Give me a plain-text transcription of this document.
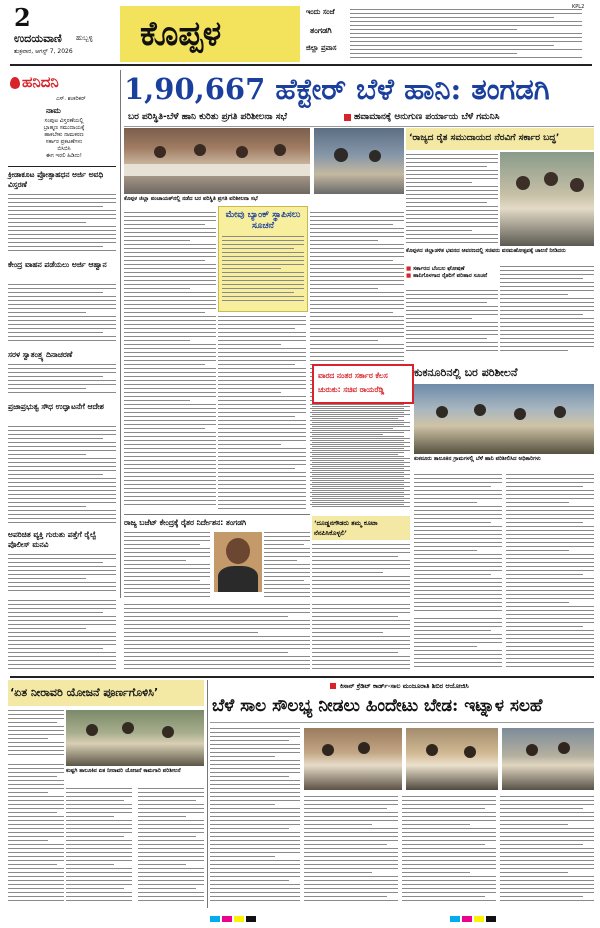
2
ಉದಯವಾಣಿ ಹುಬ್ಬಳ್ಳಿ
ಶುಕ್ರವಾರ, ಆಗಸ್ಟ್ 7, 2026 ಕೊಪ್ಪಳ
ಇಂದು ಸಂಜೆ
ತಂಗಡಗಿ
ಜಿಲ್ಲಾ ಪ್ರವಾಸ
KPL2
ಹನಿದನಿ
ಎಸ್. ಶಂಕರಿಕರ್
ನಾಮ
ಸಂಪುಟ ವಿಸ್ತರಣೆಯಲ್ಲಿ
ಬ್ರಾಹ್ಮಣ ಸಮುದಾಯಕ್ಕೆ
ಹಾಕಬೇಕು ನಾಮಕರಣ
ಸರ್ಕಾರ ಪ್ರಕಟಣೆಗಳು
ಬಿಸಿಬಿಸಿ
ಈಗ ಇರಲಿ ಹಿಡಿದು!
ಕ್ರೀಡಾಕೂಟ ಪ್ರೋತ್ಸಾಹಧನ ಅರ್ಜಿ ಅವಧಿ ವಿಸ್ತರಣೆ
ಕೇಂದ್ರ ವಾಹನ ಪಡೆಯಲು ಅರ್ಜಿ ಆಹ್ವಾನ
ಸರಳ ಸ್ವಾತಂತ್ರ್ಯ ದಿನಾಚರಣೆ
ಪ್ರಜಾಪ್ರಭುತ್ವ ಸೌಧ ಉದ್ಘಾಟನೆಗೆ ಆದೇಶ
ಅಪರಿಚಿತ ವ್ಯಕ್ತಿ ಗುರುತು ಪತ್ತೆಗೆ ರೈಲ್ವೆ ಪೊಲೀಸ್ ಮನವಿ
1,90,667 ಹೆಕ್ಟೇರ್ ಬೆಳೆ ಹಾನಿ: ತಂಗಡಗಿ
ಬರ ಪರಿಸ್ಥಿತಿ-ಬೆಳೆ ಹಾನಿ ಕುರಿತು ಪ್ರಗತಿ ಪರಿಶೀಲನಾ ಸಭೆ	ಹವಾಮಾನಕ್ಕೆ ಅನುಗುಣ ಪರ್ಯಾಯ ಬೆಳೆ ಗಮನಿಸಿ
ಕೊಪ್ಪಳ ಜಿಲ್ಲಾ ಪಂಚಾಯತ್‌ನಲ್ಲಿ ನಡೆದ ಬರ ಪರಿಸ್ಥಿತಿ ಪ್ರಗತಿ ಪರಿಶೀಲನಾ ಸಭೆ
‘ರಾಜ್ಯದ ರೈತ ಸಮುದಾಯದ ನೆರವಿಗೆ ಸರ್ಕಾರ ಬದ್ಧ’
ಮೇವು ಬ್ಯಾಂಕ್ ಸ್ಥಾಪಿಸಲು ಸೂಚನೆ
ಕೊಪ್ಪಳದ ಜಿಲ್ಲಾಡಳಿತ ಭವನದ ಆವರಣದಲ್ಲಿ ಸಚಿವರು ವನಮಹೋತ್ಸವಕ್ಕೆ ಚಾಲನೆ ನೀಡಿದರು
■ ಸರ್ಕಾರದ ಬೆಂಬಲ ಘೋಷಣೆ
■ ಹಾನಿಗೊಳಗಾದ ರೈತರಿಗೆ ಪರಿಹಾರ ಸೂಚನೆ
ವಾರದ ನಂತರ ಸರ್ಕಾರ ಕೆಲಸ
ಚುರುಕು: ಸಚಿವ ರಾಯರೆಡ್ಡಿ
ಕುಕನೂರಿನಲ್ಲಿ ಬರ ಪರಿಶೀಲನೆ
ಕುಕನೂರು ತಾಲೂಕಿನ ಗ್ರಾಮಗಳಲ್ಲಿ ಬೆಳೆ ಹಾನಿ ಪರಿಶೀಲಿಸಿದ ಅಧಿಕಾರಿಗಳು
ರಾಜ್ಯ ಬಜೆಟ್ ಕೇಂದ್ರಕ್ಕೆ ರೈತರ ನಿರ್ದೇಶನ: ತಂಗಡಗಿ	‘ದೂಡ್ಡನಗೌಡರು ತಮ್ಮ ಕೂಟಾ ನೆನಪಿಸಿಕೊಳ್ಳಲಿ’
‘ಏತ ನೀರಾವರಿ ಯೋಜನೆ ಪೂರ್ಣಗೊಳಿಸಿ’
ಕುಷ್ಟಗಿ ತಾಲೂಕಿನ ಏತ ನೀರಾವರಿ ಯೋಜನೆ ಕಾಮಗಾರಿ ಪರಿಶೀಲನೆ
ಕಿಸಾನ್ ಕ್ರೆಡಿಟ್ ಕಾರ್ಡ್-ಸಾಲ ಮಂಜೂರಾತಿ ಶಿಬಿರ ಆಯೋಜಿಸಿ
ಬೆಳೆ ಸಾಲ ಸೌಲಭ್ಯ ನೀಡಲು ಹಿಂದೇಟು ಬೇಡ: ಇಟ್ನಾಳ ಸಲಹೆ
